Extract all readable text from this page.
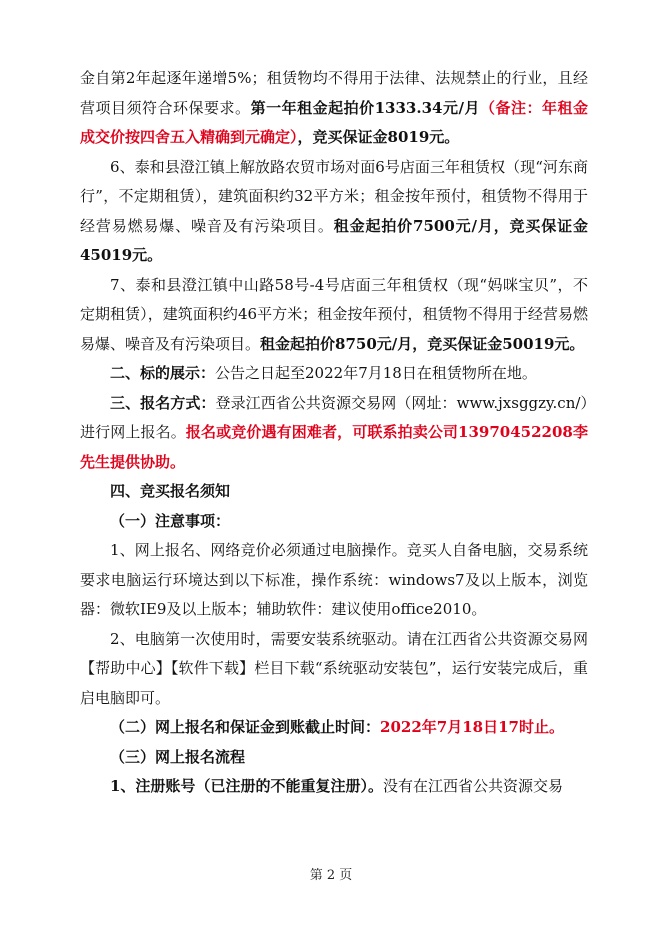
金自第2年起逐年递增5%；租赁物均不得用于法律、法规禁止的行业，且经营项目须符合环保要求。第一年租金起拍价1333.34元/月（备注：年租金成交价按四舍五入精确到元确定），竞买保证金8019元。

6、泰和县澄江镇上解放路农贸市场对面6号店面三年租赁权（现“河东商行”，不定期租赁），建筑面积约32平方米；租金按年预付，租赁物不得用于经营易燃易爆、噪音及有污染项目。租金起拍价7500元/月，竞买保证金45019元。

7、泰和县澄江镇中山路58号-4号店面三年租赁权（现“妈咪宝贝”，不定期租赁），建筑面积约46平方米；租金按年预付，租赁物不得用于经营易燃易爆、噪音及有污染项目。租金起拍价8750元/月，竞买保证金50019元。

二、标的展示：公告之日起至2022年7月18日在租赁物所在地。

三、报名方式：登录江西省公共资源交易网（网址：www.jxsggzy.cn/）进行网上报名。报名或竞价遇有困难者，可联系拍卖公司13970452208李先生提供协助。

四、竞买报名须知

（一）注意事项：

1、网上报名、网络竞价必须通过电脑操作。竞买人自备电脑，交易系统要求电脑运行环境达到以下标准，操作系统：windows7及以上版本，浏览器：微软IE9及以上版本；辅助软件：建议使用office2010。

2、电脑第一次使用时，需要安装系统驱动。请在江西省公共资源交易网【帮助中心】【软件下载】栏目下载“系统驱动安装包”，运行安装完成后，重启电脑即可。

（二）网上报名和保证金到账截止时间：2022年7月18日17时止。

（三）网上报名流程

1、注册账号（已注册的不能重复注册）。没有在江西省公共资源交易

第 2 页
